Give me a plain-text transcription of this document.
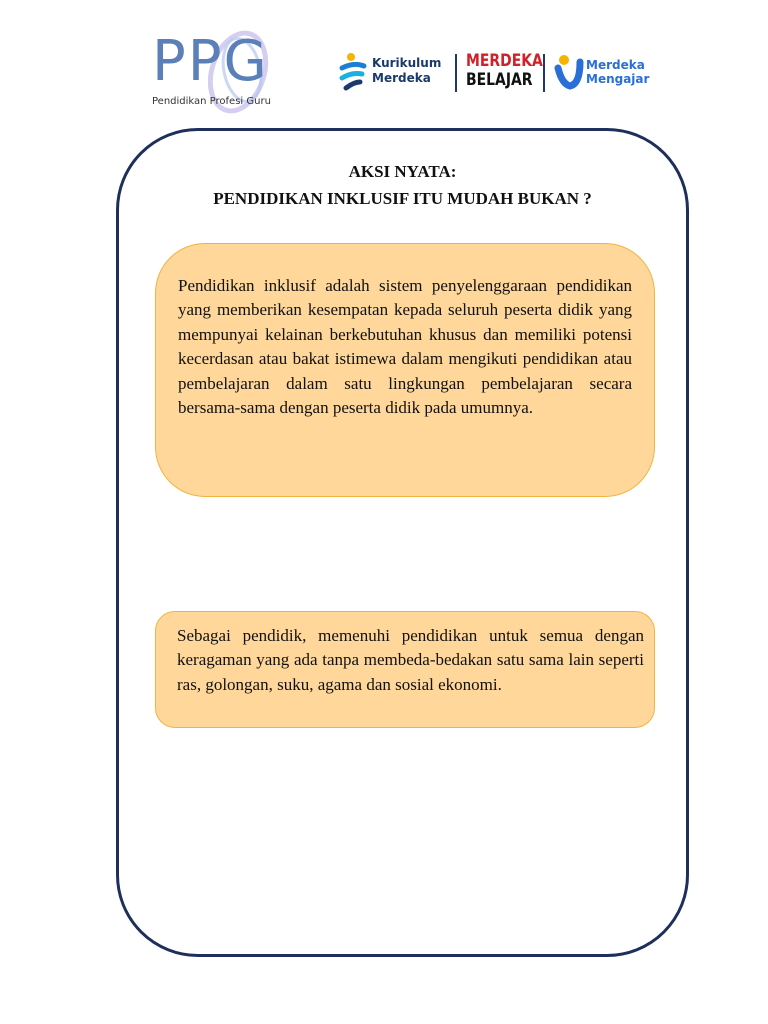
PPG
Pendidikan Profesi Guru
Kurikulum
Merdeka
MERDEKA
BELAJAR
Merdeka
Mengajar
AKSI NYATA:
PENDIDIKAN INKLUSIF ITU MUDAH BUKAN ?

Pendidikan inklusif adalah sistem penyelenggaraan pendidikan yang memberikan kesempatan kepada seluruh peserta didik yang mempunyai kelainan berkebutuhan khusus dan memiliki potensi kecerdasan atau bakat istimewa dalam mengikuti pendidikan atau pembelajaran dalam satu lingkungan pembelajaran secara bersama-sama dengan peserta didik pada umumnya.

Sebagai pendidik, memenuhi pendidikan untuk semua dengan keragaman yang ada tanpa membeda-bedakan satu sama lain seperti ras, golongan, suku, agama dan sosial ekonomi.
